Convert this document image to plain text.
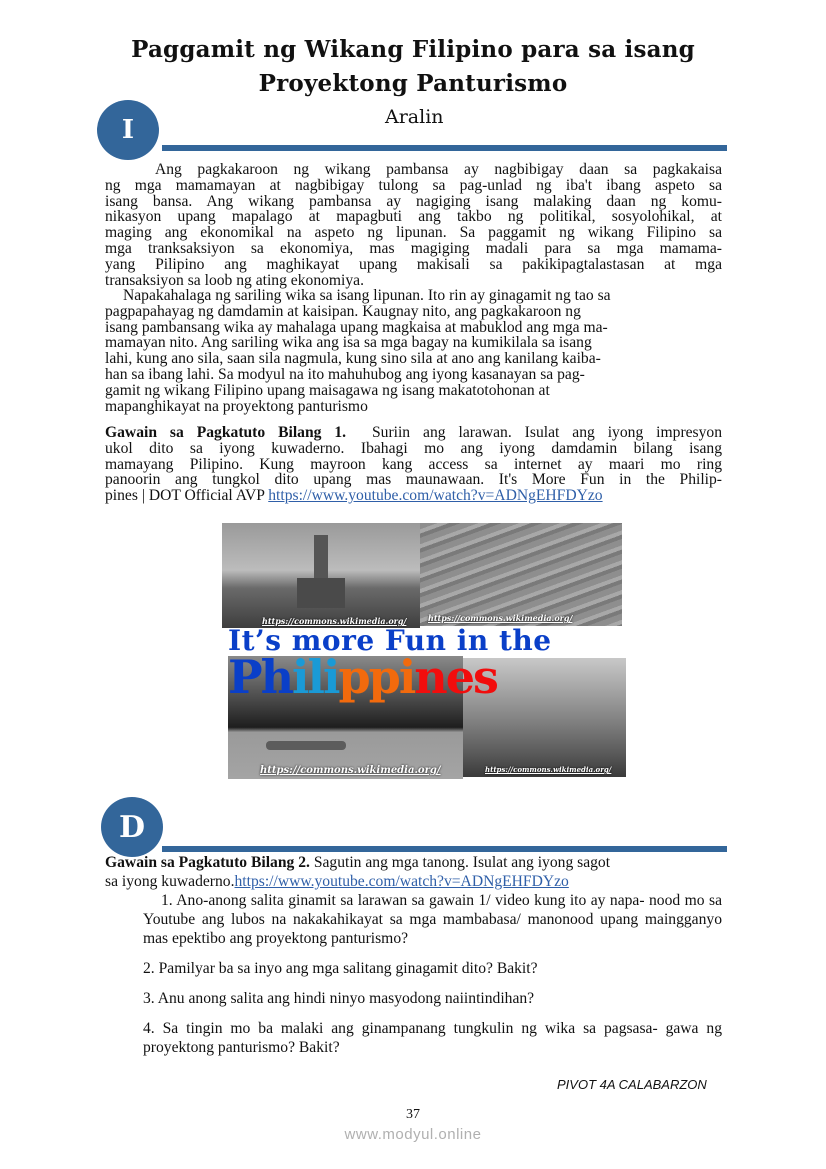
Paggamit ng Wikang Filipino para sa isang
Proyektong Panturismo
I	Aralin
Ang pagkakaroon ng wikang pambansa ay nagbibigay daan sa pagkakaisa
ng mga mamamayan at nagbibigay tulong sa pag-unlad ng iba't ibang aspeto sa
isang bansa. Ang wikang pambansa ay nagiging isang malaking daan ng komu-
nikasyon upang mapalago at mapagbuti ang takbo ng politikal, sosyolohikal, at
maging ang ekonomikal na aspeto ng lipunan. Sa paggamit ng wikang Filipino sa
mga tranksaksiyon sa ekonomiya, mas magiging madali para sa mga mamama-
yang Pilipino ang maghikayat upang makisali sa pakikipagtalastasan at mga
transaksiyon sa loob ng ating ekonomiya.
Napakahalaga ng sariling wika sa isang lipunan. Ito rin ay ginagamit ng tao sa
pagpapahayag ng damdamin at kaisipan. Kaugnay nito, ang pagkakaroon ng
isang pambansang wika ay mahalaga upang magkaisa at mabuklod ang mga ma-
mamayan nito. Ang sariling wika ang isa sa mga bagay na kumikilala sa isang
lahi, kung ano sila, saan sila nagmula, kung sino sila at ano ang kanilang kaiba-
han sa ibang lahi. Sa modyul na ito mahuhubog ang iyong kasanayan sa pag-
gamit ng wikang Filipino upang maisagawa ng isang makatotohonan at
mapanghikayat na proyektong panturismo
Gawain sa Pagkatuto Bilang 1. Suriin ang larawan. Isulat ang iyong impresyon
ukol dito sa iyong kuwaderno. Ibahagi mo ang iyong damdamin bilang isang
mamayang Pilipino. Kung mayroon kang access sa internet ay maari mo ring
panoorin ang tungkol dito upang mas maunawaan. It's More Fun in the Philip-
pines | DOT Official AVP https://www.youtube.com/watch?v=ADNgEHFDYzo
https://commons.wikimedia.org/	https://commons.wikimedia.org/
https://commons.wikimedia.org/	https://commons.wikimedia.org/
It’s more Fun in the
Philippines
D
Gawain sa Pagkatuto Bilang 2. Sagutin ang mga tanong. Isulat ang iyong sagot
sa iyong kuwaderno.https://www.youtube.com/watch?v=ADNgEHFDYzo
1. Ano-anong salita ginamit sa larawan sa gawain 1/ video kung ito ay napa- nood mo sa Youtube ang lubos na nakakahikayat sa mga mambabasa/ manonood upang maingganyo mas epektibo ang proyektong panturismo?
2. Pamilyar ba sa inyo ang mga salitang ginagamit dito? Bakit?
3. Anu anong salita ang hindi ninyo masyodong naiintindihan?
4. Sa tingin mo ba malaki ang ginampanang tungkulin ng wika sa pagsasa- gawa ng proyektong panturismo? Bakit?
PIVOT 4A CALABARZON
37
www.modyul.online
